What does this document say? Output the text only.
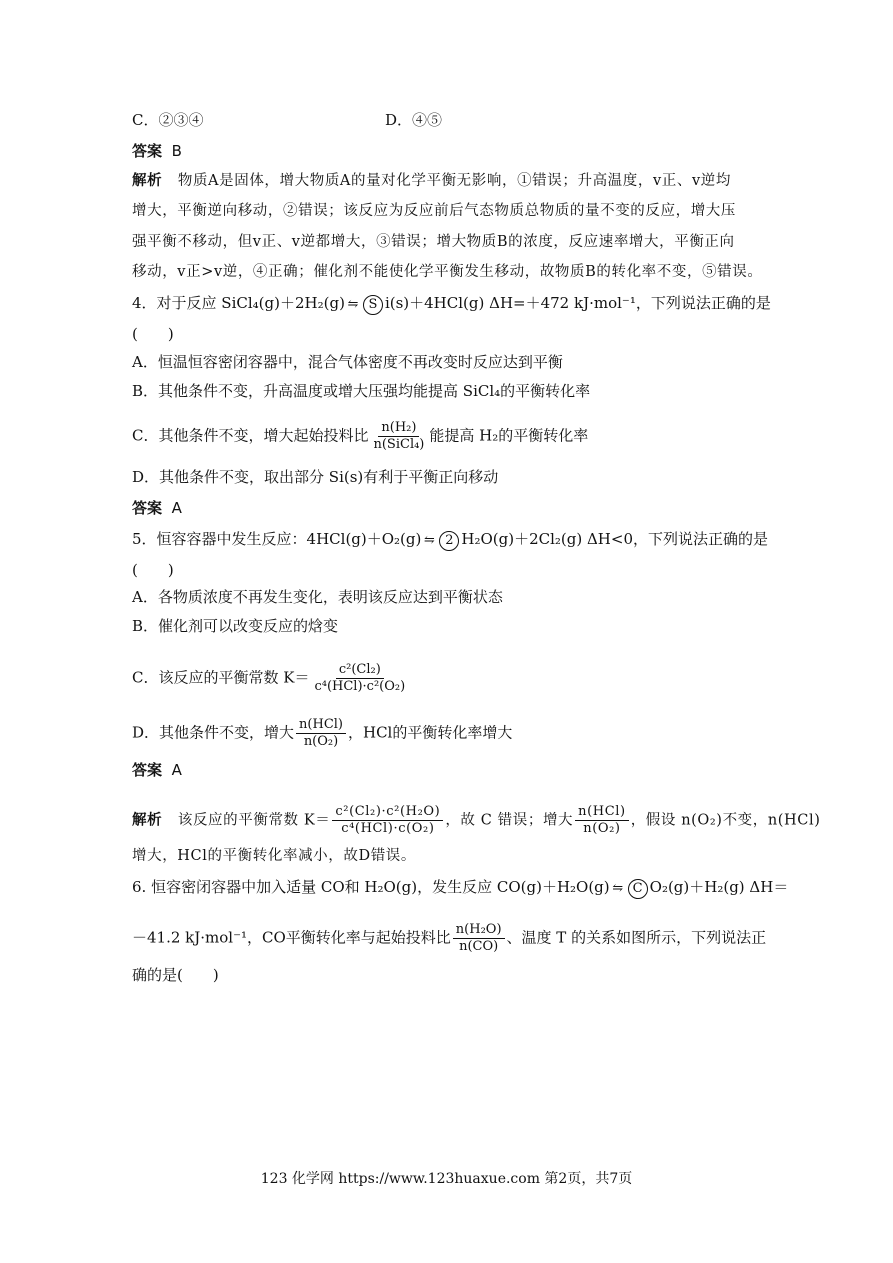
C．②③④	D．④⑤
答案 B
解析 物质A是固体，增大物质A的量对化学平衡无影响，①错误；升高温度，v正、v逆均
增大，平衡逆向移动，②错误；该反应为反应前后气态物质总物质的量不变的反应，增大压
强平衡不移动，但v正、v逆都增大，③错误；增大物质B的浓度，反应速率增大，平衡正向
移动，v正>v逆，④正确；催化剂不能使化学平衡发生移动，故物质B的转化率不变，⑤错误。
4．对于反应 SiCl₄(g)＋2H₂(g) ⇋ S i(s)＋4HCl(g) ΔH=＋472 kJ·mol⁻¹，下列说法正确的是
(　　)
A．恒温恒容密闭容器中，混合气体密度不再改变时反应达到平衡
B．其他条件不变，升高温度或增大压强均能提高 SiCl₄的平衡转化率
C．其他条件不变，增大起始投料比 $\frac{\text{n(H₂)}}{\text{n(SiCl₄)}}$ 能提高 H₂的平衡转化率
D．其他条件不变，取出部分 Si(s)有利于平衡正向移动
答案 A
5．恒容容器中发生反应：4HCl(g)＋O₂(g) ⇋ 2 H₂O(g)＋2Cl₂(g) ΔH<0，下列说法正确的是
(　　)
A．各物质浓度不再发生变化，表明该反应达到平衡状态
B．催化剂可以改变反应的焓变
C．该反应的平衡常数 $K= \frac{\text{c²(Cl₂)}}{\text{c⁴(HCl)·c²(O₂)}}$
D．其他条件不变，增大 $\frac{\text{n(HCl)}}{\text{n(O₂)}}$ ，HCl的平衡转化率增大
答案 A
解析 该反应的平衡常数 $K= \frac{\text{c²(Cl₂)·c²(H₂O)}}{\text{c⁴(HCl)·c(O₂)}}$ ，故 C 错误；增大 $\frac{\text{n(HCl)}}{\text{n(O₂)}}$ ，假设 n(O₂)不变，n(HCl)
增大，HCl的平衡转化率减小，故D错误。
6. 恒容密闭容器中加入适量 CO和 H₂O(g)，发生反应 CO(g)＋H₂O(g) ⇋ C O₂(g)＋H₂(g) ΔH＝
－41.2 kJ·mol⁻¹，CO平衡转化率与起始投料比 $\frac{\text{n(H₂O)}}{n(CO)}$ 、温度 T 的关系如图所示，下列说法正
确的是(　　)
123 化学网 https://www.123huaxue.com 第2页，共7页
